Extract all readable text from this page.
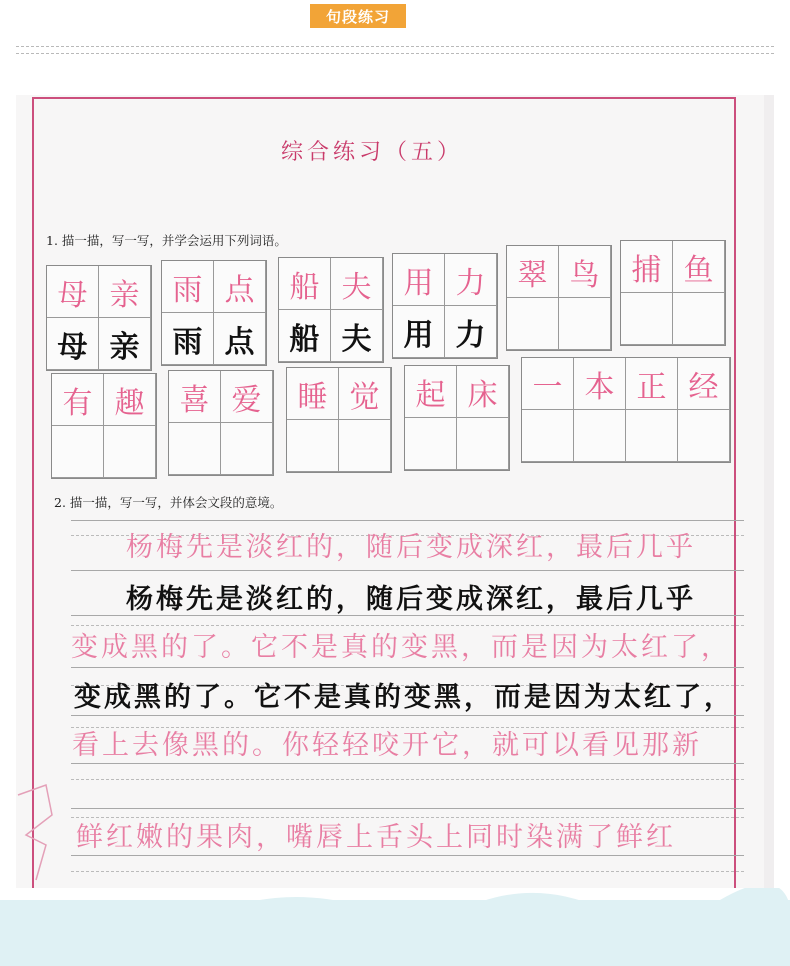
句段练习
综合练习（五）
1. 描一描，写一写，并学会运用下列词语。
2. 描一描，写一写，并体会文段的意境。
杨梅先是淡红的，随后变成深红，最后几乎
杨梅先是淡红的，随后变成深红，最后几乎
变成黑的了。它不是真的变黑，而是因为太红了，
变成黑的了。它不是真的变黑，而是因为太红了，
看上去像黑的。你轻轻咬开它，就可以看见那新
鲜红嫩的果肉，嘴唇上舌头上同时染满了鲜红
母 亲
母 亲
雨 点
雨 点
船 夫
船 夫
用 力
用 力
翠 鸟	捕 鱼
有 趣	喜 爱	睡 觉	起 床	一 本 正 经
